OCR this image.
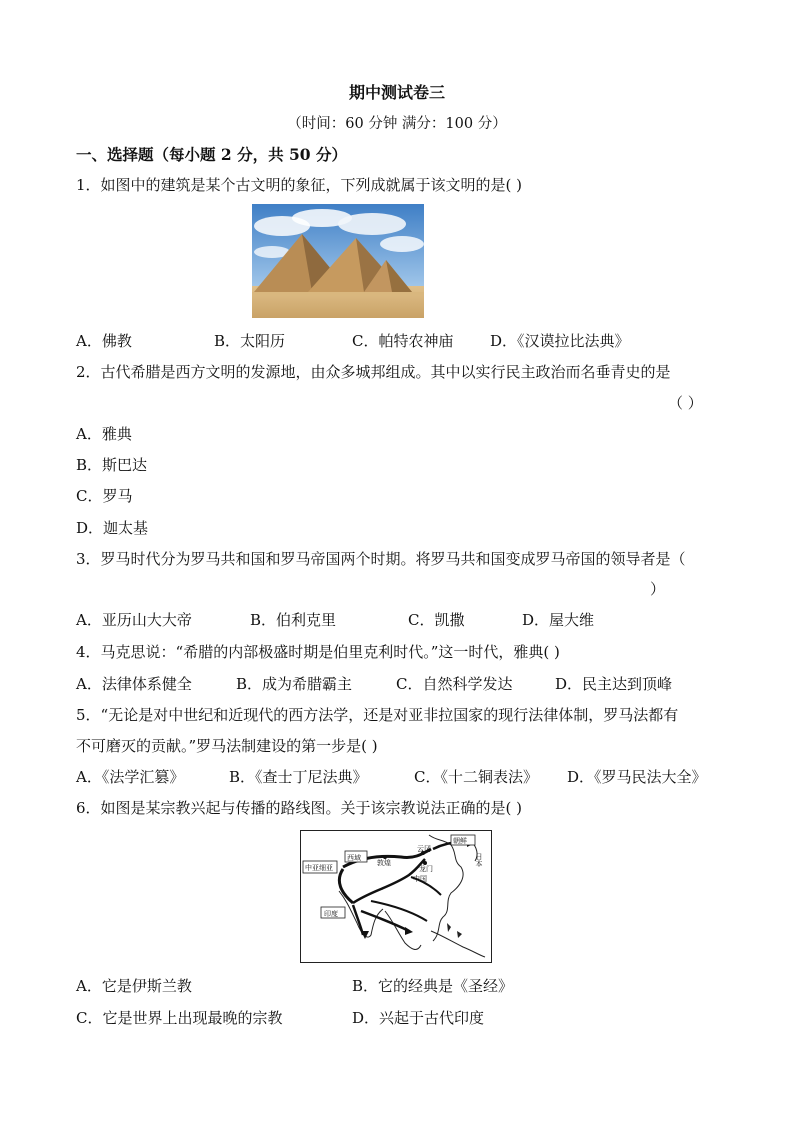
期中测试卷三
（时间：60 分钟 满分：100 分）
一、选择题（每小题 2 分，共 50 分）
1．如图中的建筑是某个古文明的象征，下列成就属于该文明的是( )
A．佛教	B．太阳历	C．帕特农神庙 D．《汉谟拉比法典》
2．古代希腊是西方文明的发源地，由众多城邦组成。其中以实行民主政治而名垂青史的是
（ ）
A．雅典
B．斯巴达
C．罗马
D．迦太基
3．罗马时代分为罗马共和国和罗马帝国两个时期。将罗马共和国变成罗马帝国的领导者是（
）
A．亚历山大大帝	B．伯利克里	C．凯撒	D．屋大维
4．马克思说：“希腊的内部极盛时期是伯里克利时代。”这一时代，雅典( )
A．法律体系健全	B．成为希腊霸主	C．自然科学发达	D．民主达到顶峰
5．“无论是对中世纪和近现代的西方法学，还是对亚非拉国家的现行法律体制，罗马法都有
不可磨灭的贡献。”罗马法制建设的第一步是( )
A．《法学汇篡》	B．《查士丁尼法典》	C．《十二铜表法》 D．《罗马民法大全》
6．如图是某宗教兴起与传播的路线图。关于该宗教说法正确的是( )
中亚细亚
西域
敦煌
云冈
龙门
中国
朝鲜
日本
印度
A．它是伊斯兰教	B．它的经典是《圣经》
C．它是世界上出现最晚的宗教	D．兴起于古代印度
